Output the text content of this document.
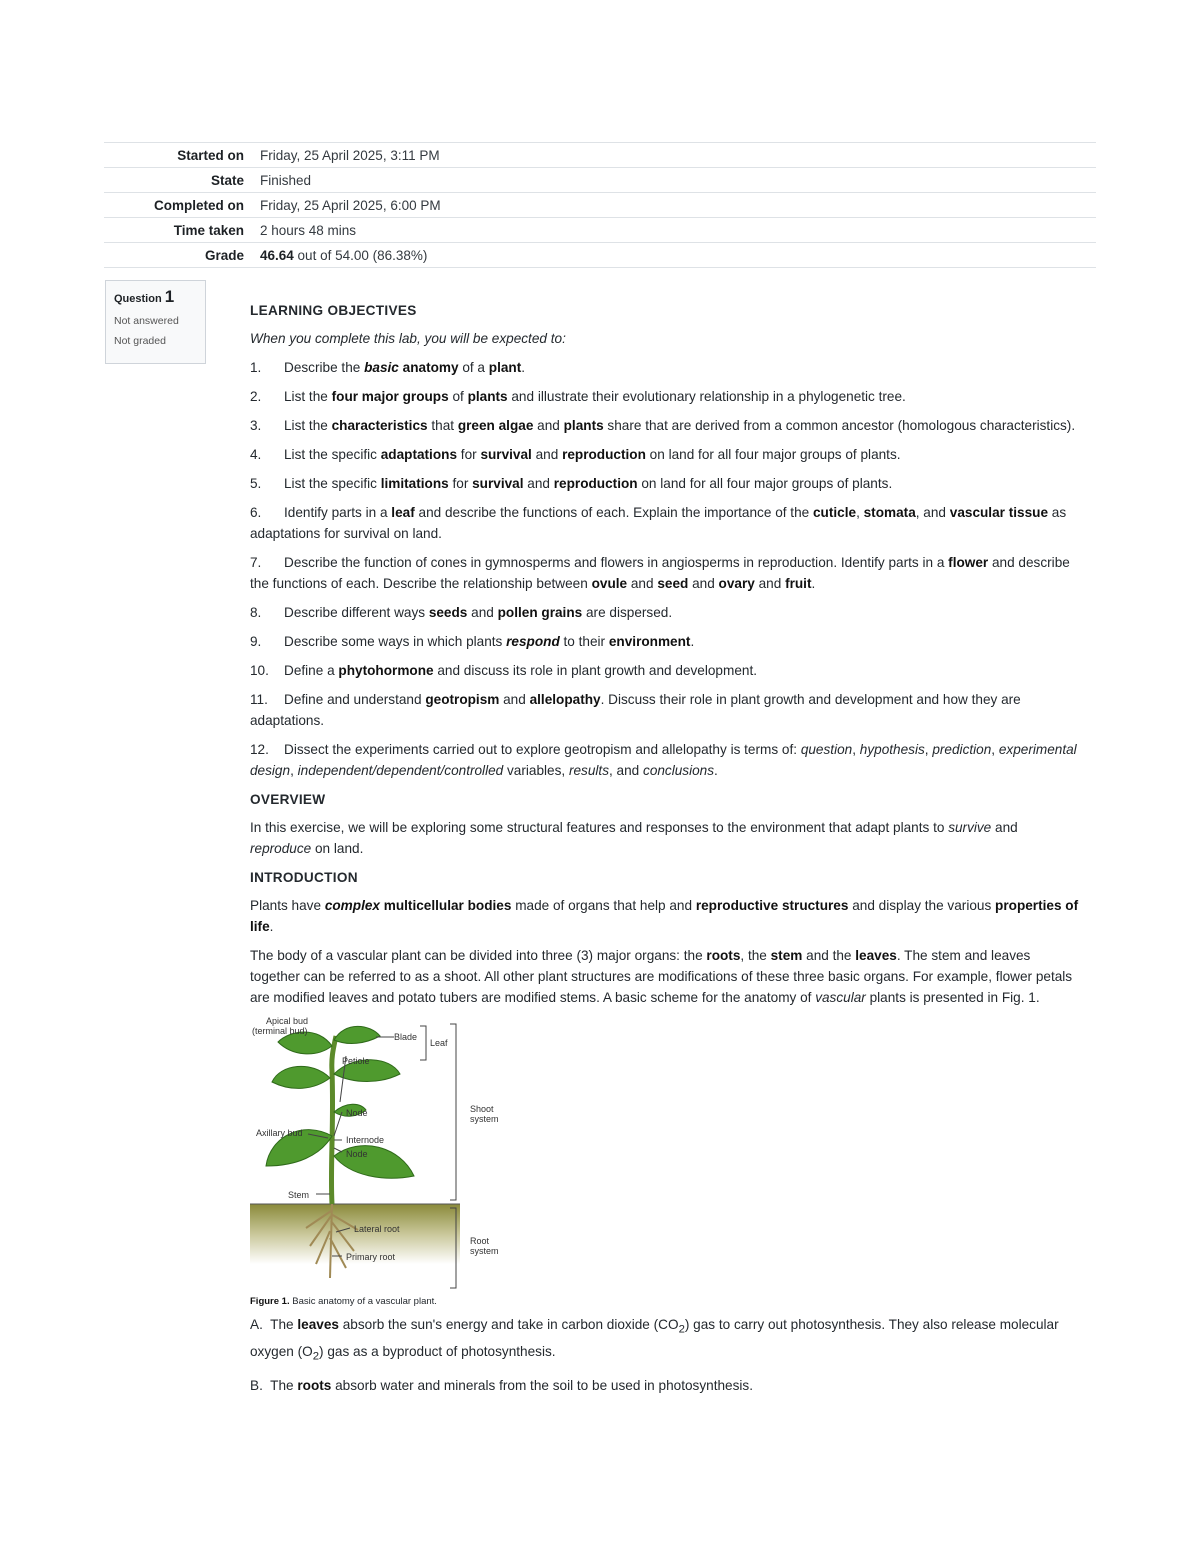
Started on	Friday, 25 April 2025, 3:11 PM
State	Finished
Completed on	Friday, 25 April 2025, 6:00 PM
Time taken	2 hours 48 mins
Grade	46.64 out of 54.00 (86.38%)
Question 1
Not answered
Not graded

LEARNING OBJECTIVES

When you complete this lab, you will be expected to:

1. Describe the basic anatomy of a plant.

2. List the four major groups of plants and illustrate their evolutionary relationship in a phylogenetic tree.

3. List the characteristics that green algae and plants share that are derived from a common ancestor (homologous characteristics).

4. List the specific adaptations for survival and reproduction on land for all four major groups of plants.

5. List the specific limitations for survival and reproduction on land for all four major groups of plants.

6. Identify parts in a leaf and describe the functions of each. Explain the importance of the cuticle, stomata, and vascular tissue as adaptations for survival on land.

7. Describe the function of cones in gymnosperms and flowers in angiosperms in reproduction. Identify parts in a flower and describe the functions of each. Describe the relationship between ovule and seed and ovary and fruit.

8. Describe different ways seeds and pollen grains are dispersed.

9. Describe some ways in which plants respond to their environment.

10. Define a phytohormone and discuss its role in plant growth and development.

11. Define and understand geotropism and allelopathy. Discuss their role in plant growth and development and how they are adaptations.

12. Dissect the experiments carried out to explore geotropism and allelopathy is terms of: question, hypothesis, prediction, experimental design, independent/dependent/controlled variables, results, and conclusions.

OVERVIEW

In this exercise, we will be exploring some structural features and responses to the environment that adapt plants to survive and reproduce on land.

INTRODUCTION

Plants have complex multicellular bodies made of organs that help and reproductive structures and display the various properties of life.

The body of a vascular plant can be divided into three (3) major organs: the roots, the stem and the leaves. The stem and leaves together can be referred to as a shoot. All other plant structures are modifications of these three basic organs. For example, flower petals are modified leaves and potato tubers are modified stems. A basic scheme for the anatomy of vascular plants is presented in Fig. 1.

Apical bud
(terminal bud)
Blade
Leaf
Petiole
Node	Shoot
system
Axillary bud
Internode
Node
Stem
Lateral root
Root
system
Primary root
Figure 1. Basic anatomy of a vascular plant.

A. The leaves absorb the sun's energy and take in carbon dioxide $(CO_2)$ gas to carry out photosynthesis. They also release molecular oxygen $(O_2)$ gas as a byproduct of photosynthesis.

B. The roots absorb water and minerals from the soil to be used in photosynthesis.
